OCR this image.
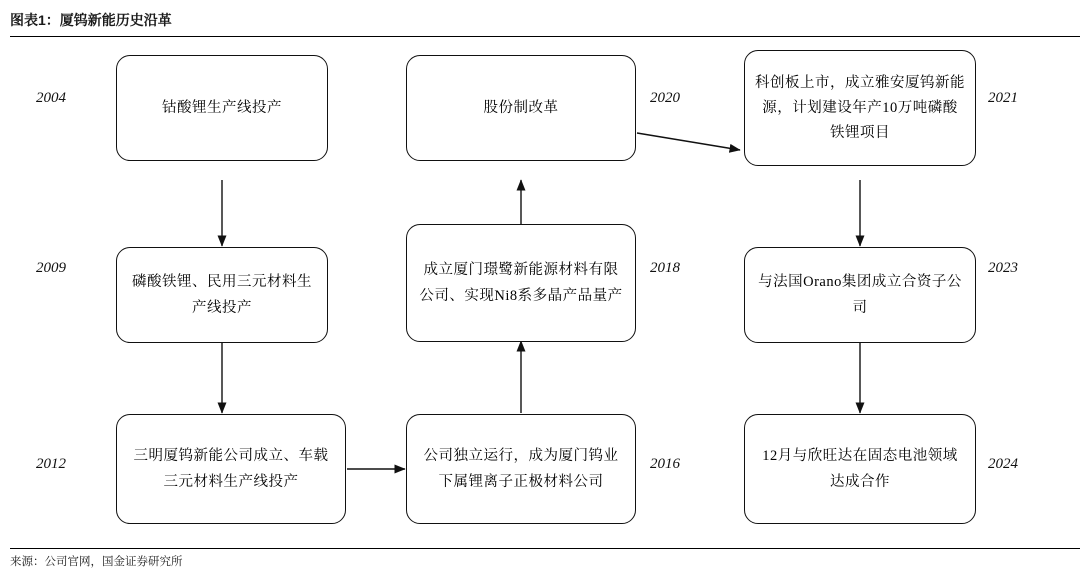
图表1：厦钨新能历史沿革
2004
钴酸锂生产线投产	股份制改革
2020
科创板上市，成立雅安厦钨新能源，计划建设年产10万吨磷酸铁锂项目
2021
2009
磷酸铁锂、民用三元材料生产线投产
成立厦门璟鹭新能源材料有限公司、实现Ni8系多晶产品量产
2018
与法国Orano集团成立合资子公司
2023
2012	三明厦钨新能公司成立、车载三元材料生产线投产
公司独立运行，成为厦门钨业下属锂离子正极材料公司
2016	12月与欣旺达在固态电池领域达成合作
2024
来源：公司官网，国金证券研究所
